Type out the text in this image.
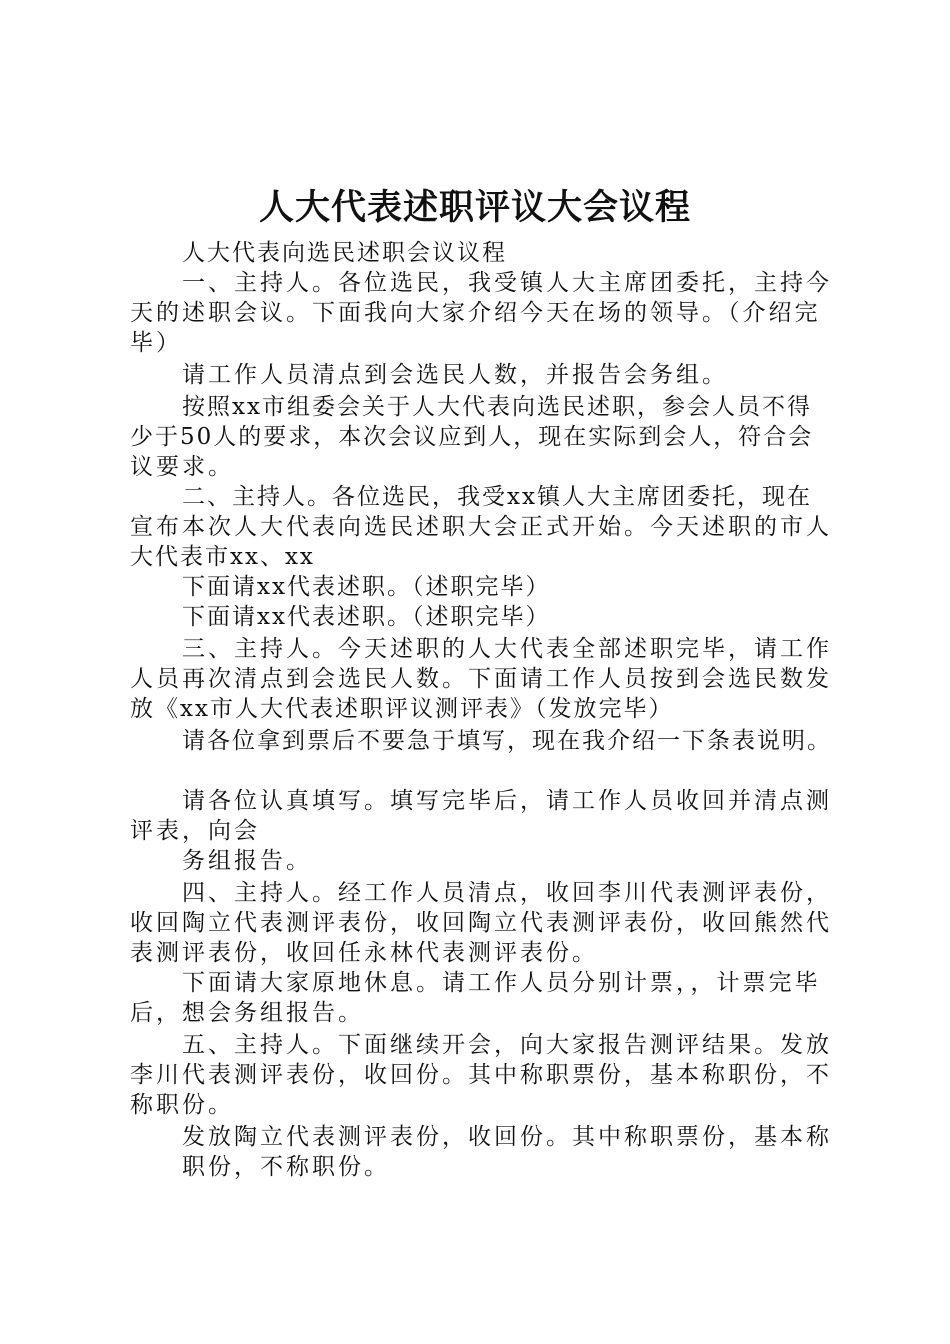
人大代表述职评议大会议程
人大代表向选民述职会议议程
一、主持人。各位选民，我受镇人大主席团委托，主持今
天的述职会议。下面我向大家介绍今天在场的领导。（介绍完
毕）
请工作人员清点到会选民人数，并报告会务组。
按照xx市组委会关于人大代表向选民述职，参会人员不得
少于50人的要求，本次会议应到人，现在实际到会人，符合会
议要求。
二、主持人。各位选民，我受xx镇人大主席团委托，现在
宣布本次人大代表向选民述职大会正式开始。今天述职的市人
大代表市xx、xx
下面请xx代表述职。（述职完毕）
下面请xx代表述职。（述职完毕）
三、主持人。今天述职的人大代表全部述职完毕，请工作
人员再次清点到会选民人数。下面请工作人员按到会选民数发
放《xx市人大代表述职评议测评表》（发放完毕）
请各位拿到票后不要急于填写，现在我介绍一下条表说明。
请各位认真填写。填写完毕后，请工作人员收回并清点测
评表，向会
务组报告。
四、主持人。经工作人员清点，收回李川代表测评表份，
收回陶立代表测评表份，收回陶立代表测评表份，收回熊然代
表测评表份，收回任永林代表测评表份。
下面请大家原地休息。请工作人员分别计票，，计票完毕
后，想会务组报告。
五、主持人。下面继续开会，向大家报告测评结果。发放
李川代表测评表份，收回份。其中称职票份，基本称职份，不
称职份。
发放陶立代表测评表份，收回份。其中称职票份，基本称
职份，不称职份。
